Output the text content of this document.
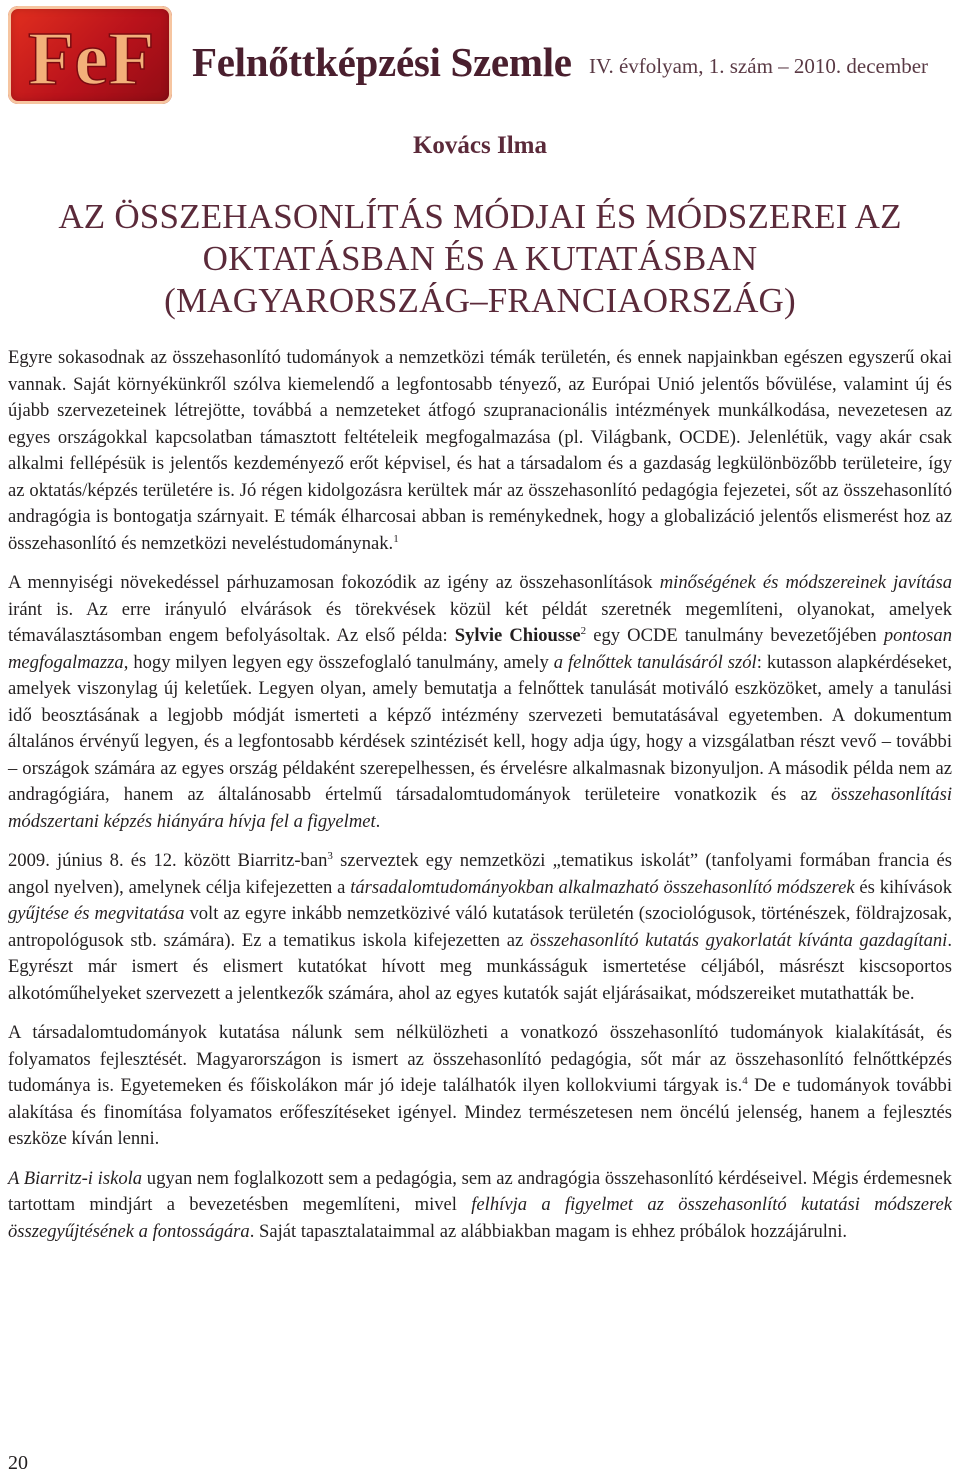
FeF Felnőttképzési Szemle IV. évfolyam, 1. szám – 2010. december
Kovács Ilma
AZ ÖSSZEHASONLÍTÁS MÓDJAI ÉS MÓDSZEREI AZ
OKTATÁSBAN ÉS A KUTATÁSBAN
(MAGYARORSZÁG–FRANCIAORSZÁG)

Egyre sokasodnak az összehasonlító tudományok a nemzetközi témák területén, és ennek napjainkban egészen egyszerű okai vannak. Saját környékünkről szólva kiemelendő a legfontosabb tényező, az Európai Unió jelentős bővülése, valamint új és újabb szervezeteinek létrejötte, továbbá a nemzeteket átfogó szupranacionális intézmények munkálkodása, nevezetesen az egyes országokkal kapcsolatban támasztott feltételeik megfogalmazása (pl. Világbank, OCDE). Jelenlétük, vagy akár csak alkalmi fellépésük is jelentős kezdeményező erőt képvisel, és hat a társadalom és a gazdaság legkülönbözőbb területeire, így az oktatás/képzés területére is. Jó régen kidolgozásra kerültek már az összehasonlító pedagógia fejezetei, sőt az összehasonlító andragógia is bontogatja szárnyait. E témák élharcosai abban is reménykednek, hogy a globalizáció jelentős elismerést hoz az összehasonlító és nemzetközi neveléstudománynak.$^1$

A mennyiségi növekedéssel párhuzamosan fokozódik az igény az összehasonlítások minőségének és módszereinek javítása iránt is. Az erre irányuló elvárások és törekvések közül két példát szeretnék megemlíteni, olyanokat, amelyek témaválasztásomban engem befolyásoltak. Az első példa: Sylvie Chiousse$^2$ egy OCDE tanulmány bevezetőjében pontosan megfogalmazza, hogy milyen legyen egy összefoglaló tanulmány, amely a felnőttek tanulásáról szól: kutasson alapkérdéseket, amelyek viszonylag új keletűek. Legyen olyan, amely bemutatja a felnőttek tanulását motiváló eszközöket, amely a tanulási idő beosztásának a legjobb módját ismerteti a képző intézmény szervezeti bemutatásával egyetemben. A dokumentum általános érvényű legyen, és a legfontosabb kérdések szintézisét kell, hogy adja úgy, hogy a vizsgálatban részt vevő – további – országok számára az egyes ország példaként szerepelhessen, és érvelésre alkalmasnak bizonyuljon. A második példa nem az andragógiára, hanem az általánosabb értelmű társadalomtudományok területeire vonatkozik és az összehasonlítási módszertani képzés hiányára hívja fel a figyelmet.

2009. június 8. és 12. között Biarritz-ban$^3$ szerveztek egy nemzetközi „tematikus iskolát” (tanfolyami formában francia és angol nyelven), amelynek célja kifejezetten a társadalomtudományokban alkalmazható összehasonlító módszerek és kihívások gyűjtése és megvitatása volt az egyre inkább nemzetközivé váló kutatások területén (szociológusok, történészek, földrajzosak, antropológusok stb. számára). Ez a tematikus iskola kifejezetten az összehasonlító kutatás gyakorlatát kívánta gazdagítani. Egyrészt már ismert és elismert kutatókat hívott meg munkásságuk ismertetése céljából, másrészt kiscsoportos alkotóműhelyeket szervezett a jelentkezők számára, ahol az egyes kutatók saját eljárásaikat, módszereiket mutathatták be.

A társadalomtudományok kutatása nálunk sem nélkülözheti a vonatkozó összehasonlító tudományok kialakítását, és folyamatos fejlesztését. Magyarországon is ismert az összehasonlító pedagógia, sőt már az összehasonlító felnőttképzés tudománya is. Egyetemeken és főiskolákon már jó ideje találhatók ilyen kollokviumi tárgyak is.$^4$ De e tudományok további alakítása és finomítása folyamatos erőfeszítéseket igényel. Mindez természetesen nem öncélú jelenség, hanem a fejlesztés eszköze kíván lenni.

A Biarritz-i iskola ugyan nem foglalkozott sem a pedagógia, sem az andragógia összehasonlító kérdéseivel. Mégis érdemesnek tartottam mindjárt a bevezetésben megemlíteni, mivel felhívja a figyelmet az összehasonlító kutatási módszerek összegyűjtésének a fontosságára. Saját tapasztalataimmal az alábbiakban magam is ehhez próbálok hozzájárulni.

20
